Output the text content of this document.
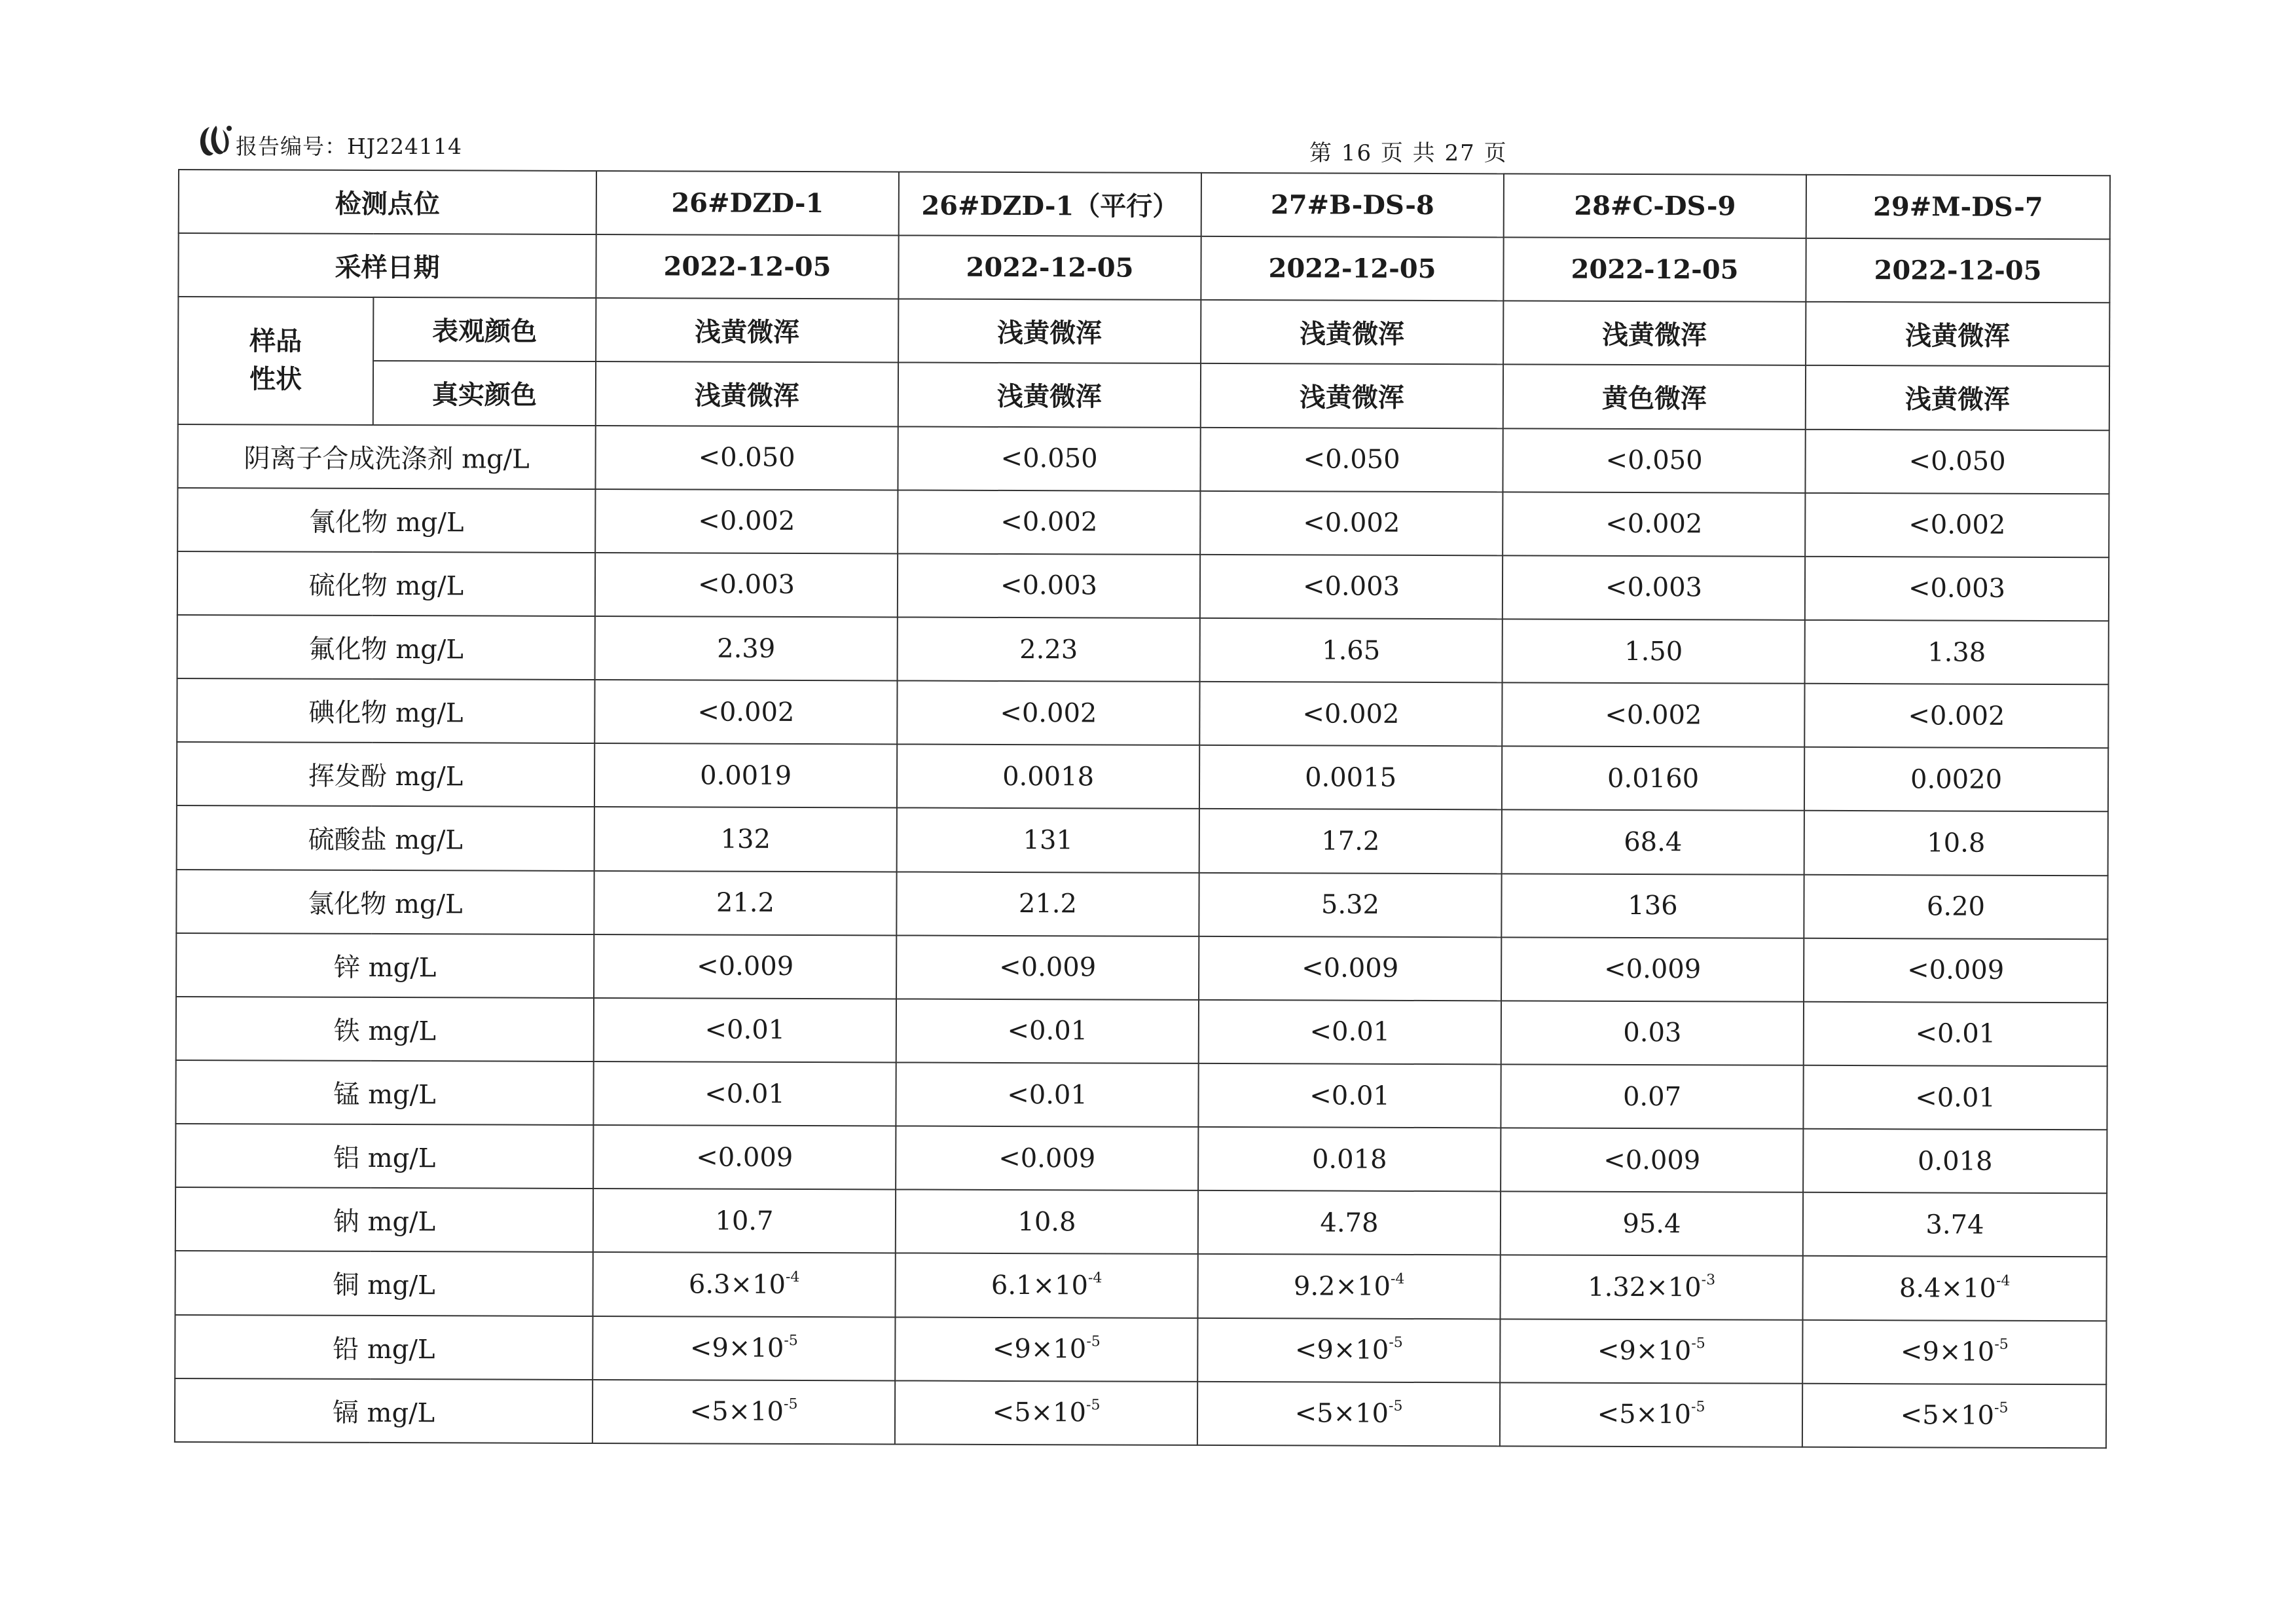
报告编号：HJ224114	第 16 页 共 27 页
检测点位		26#DZD-1	26#DZD-1（平行）	27#B-DS-8	28#C-DS-9	29#M-DS-7
采样日期		2022-12-05	2022-12-05	2022-12-05	2022-12-05	2022-12-05

样品
性状	表观颜色	浅黄微浑	浅黄微浑	浅黄微浑	浅黄微浑	浅黄微浑
	真实颜色	浅黄微浑	浅黄微浑	浅黄微浑	黄色微浑	浅黄微浑
阴离子合成洗涤剂 mg/L		<0.050	<0.050	<0.050	<0.050	<0.050
氰化物 mg/L		<0.002	<0.002	<0.002	<0.002	<0.002
硫化物 mg/L		<0.003	<0.003	<0.003	<0.003	<0.003
氟化物 mg/L		2.39	2.23	1.65	1.50	1.38
碘化物 mg/L		<0.002	<0.002	<0.002	<0.002	<0.002
挥发酚 mg/L		0.0019	0.0018	0.0015	0.0160	0.0020
硫酸盐 mg/L		132	131	17.2	68.4	10.8
氯化物 mg/L		21.2	21.2	5.32	136	6.20
锌 mg/L		<0.009	<0.009	<0.009	<0.009	<0.009
铁 mg/L		<0.01	<0.01	<0.01	0.03	<0.01
锰 mg/L		<0.01	<0.01	<0.01	0.07	<0.01
铝 mg/L		<0.009	<0.009	0.018	<0.009	0.018
钠 mg/L		10.7	10.8	4.78	95.4	3.74
铜 mg/L		$6.3\times 10^{-4}$	$6.1\times 10^{-4}$	$9.2\times 10^{-4}$	$1.32\times 10^{-3}$	$8.4\times 10^{-4}$
铅 mg/L		$<9\times 10^{-5}$	$<9\times 10^{-5}$	$<9\times 10^{-5}$	$<9\times 10^{-5}$	$<9\times 10^{-5}$
镉 mg/L		$<5\times 10^{-5}$	$<5\times 10^{-5}$	$<5\times 10^{-5}$	$<5\times 10^{-5}$	$<5\times 10^{-5}$
